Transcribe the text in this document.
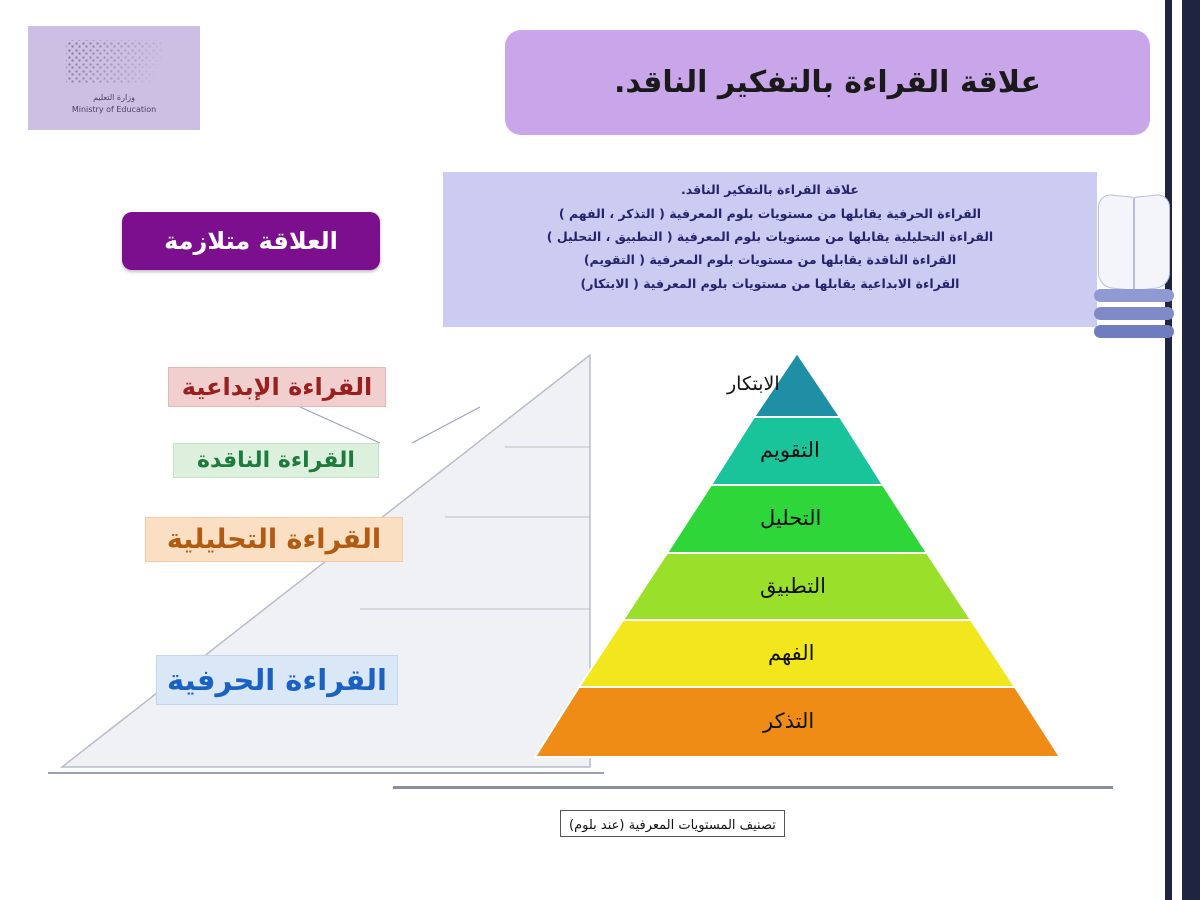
وزارة التعليم
Ministry of Education
علاقة القراءة بالتفكير الناقد.
علاقة القراءة بالتفكير الناقد.
القراءة الحرفية يقابلها من مستويات بلوم المعرفية ( التذكر ، الفهم )
القراءة التحليلية يقابلها من مستويات بلوم المعرفية ( التطبيق ، التحليل )
القراءة الناقدة يقابلها من مستويات بلوم المعرفية ( التقويم)
القراءة الابداعية يقابلها من مستويات بلوم المعرفية ( الابتكار)
العلاقة متلازمة
القراءة الإبداعية
القراءة الناقدة
القراءة التحليلية
القراءة الحرفية
الابتكار
التقويم
التحليل
التطبيق
الفهم
التذكر
تصنيف المستويات المعرفية (عند بلوم)
